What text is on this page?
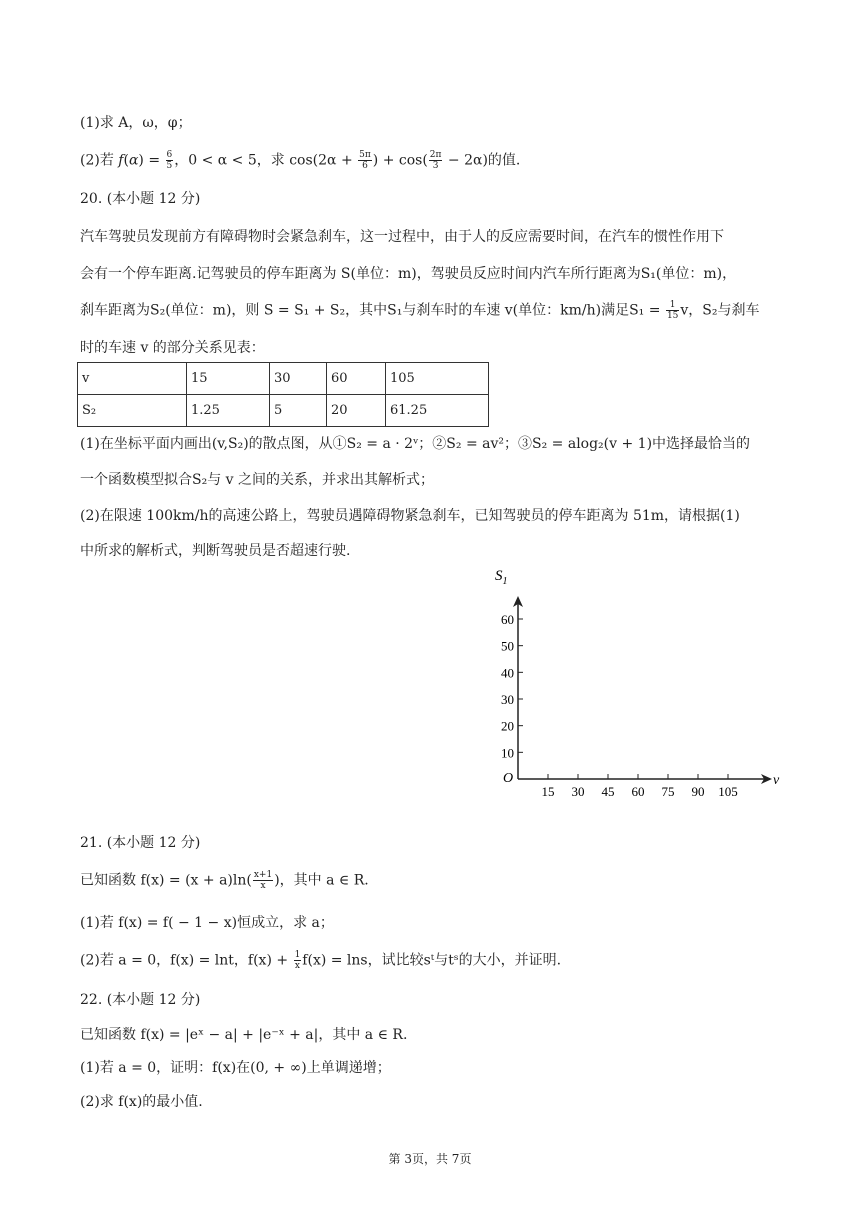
(1)求 A，ω，φ；
(2)若 $f(\alpha) = \frac{6}{5}$ ，0 < α < 5，求 $\cos(2\alpha + \frac{5\pi}{6}$ ) + $\cos( \frac{2\pi}{3} - 2\alpha)$的值.
20. (本小题 12 分)
汽车驾驶员发现前方有障碍物时会紧急刹车，这一过程中，由于人的反应需要时间，在汽车的惯性作用下
会有一个停车距离.记驾驶员的停车距离为 S(单位：m)，驾驶员反应时间内汽车所行距离为S₁(单位：m)，
刹车距离为S₂(单位：m)，则 S = S₁ + S₂，其中S₁与刹车时的车速 v(单位：km/h)满足$S_1 = \frac{1}{15}$ v，S₂与刹车
时的车速 v 的部分关系见表：
v	15	30	60	105
S₂	1.25	5	20	61.25
(1)在坐标平面内画出(v,S₂)的散点图，从①S₂ = a · 2ᵛ；②S₂ = av²；③S₂ = alog₂(v + 1)中选择最恰当的
一个函数模型拟合S₂与 v 之间的关系，并求出其解析式；
(2)在限速 100km/h的高速公路上，驾驶员遇障碍物紧急刹车，已知驾驶员的停车距离为 51m，请根据(1)
中所求的解析式，判断驾驶员是否超速行驶.
15 30 45 60 75 90 105
10
20
30
40
50
60
$S_1$
v
O
21. (本小题 12 分)
已知函数 $f(x) = (x + a)\ln( \frac{x+1}{x}$ )，其中 a ∈ R.
(1)若 f(x) = f( − 1 − x)恒成立，求 a；
(2)若 a = 0，f(x) = lnt，$f(x) + \frac{1}{x} f(x) = \ln s$，试比较sᵗ与tˢ的大小，并证明.
22. (本小题 12 分)
已知函数 f(x) = |eˣ − a| + |e⁻ˣ + a|，其中 a ∈ R.
(1)若 a = 0，证明：f(x)在(0, + ∞)上单调递增；
(2)求 f(x)的最小值.
第 3页，共 7页
